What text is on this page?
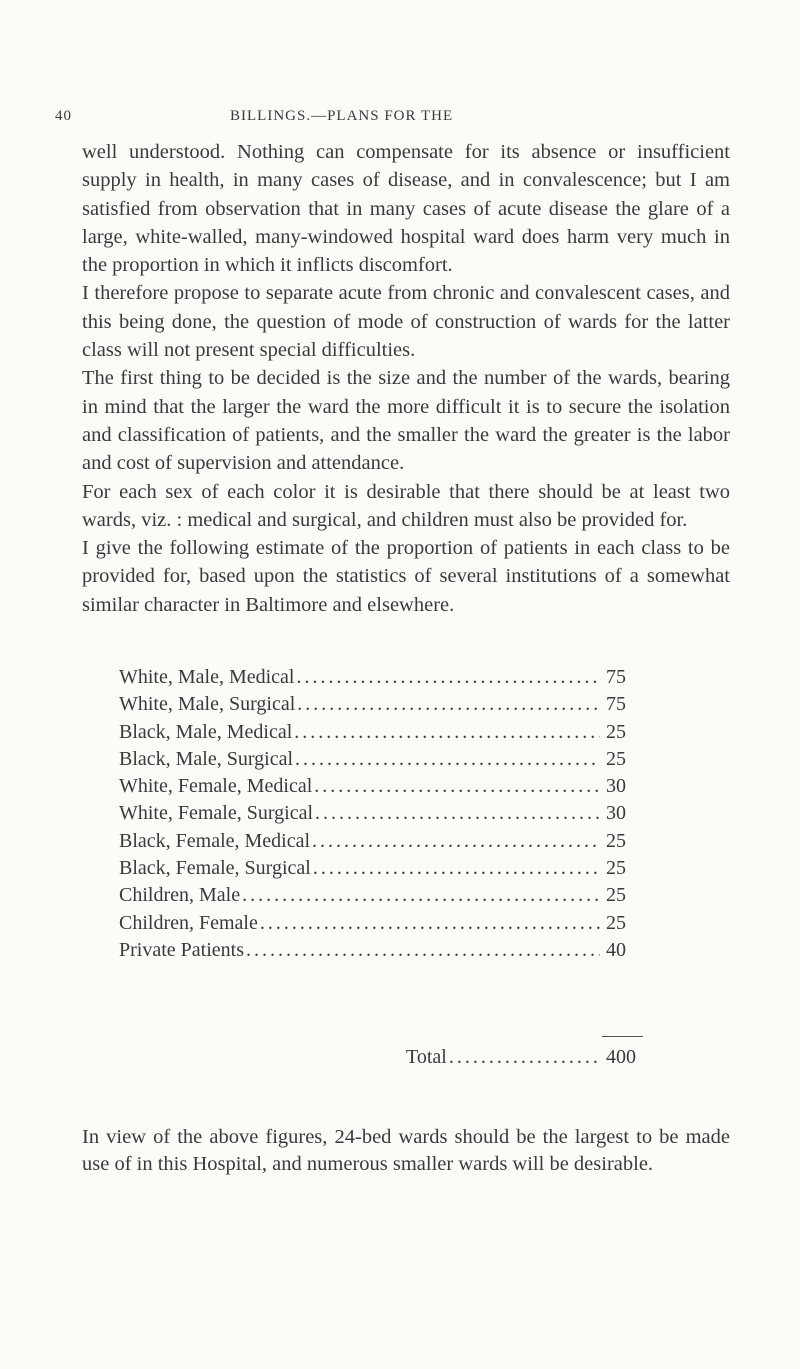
40	BILLINGS.—PLANS FOR THE

well understood. Nothing can compensate for its absence or insufficient supply in health, in many cases of disease, and in convalescence; but I am satisfied from observation that in many cases of acute disease the glare of a large, white-walled, many-windowed hospital ward does harm very much in the proportion in which it inflicts discomfort.

I therefore propose to separate acute from chronic and convalescent cases, and this being done, the question of mode of construction of wards for the latter class will not present special difficulties.

The first thing to be decided is the size and the number of the wards, bearing in mind that the larger the ward the more difficult it is to secure the isolation and classification of patients, and the smaller the ward the greater is the labor and cost of supervision and attendance.

For each sex of each color it is desirable that there should be at least two wards, viz. : medical and surgical, and children must also be provided for.

I give the following estimate of the proportion of patients in each class to be provided for, based upon the statistics of several institutions of a somewhat similar character in Baltimore and elsewhere.

White, Male, Medical . . .	75
White, Male, Surgical . . .	75
Black, Male, Medical . . .	25
Black, Male, Surgical . . .	25
White, Female, Medical . . .	30
White, Female, Surgical . . .	30
Black, Female, Medical . . .	25
Black, Female, Surgical . . .	25
Children, Male . . .	25
Children, Female . . .	25
Private Patients . . .	40
Total . . .	400

In view of the above figures, 24-bed wards should be the largest to be made use of in this Hospital, and numerous smaller wards will be desirable.
